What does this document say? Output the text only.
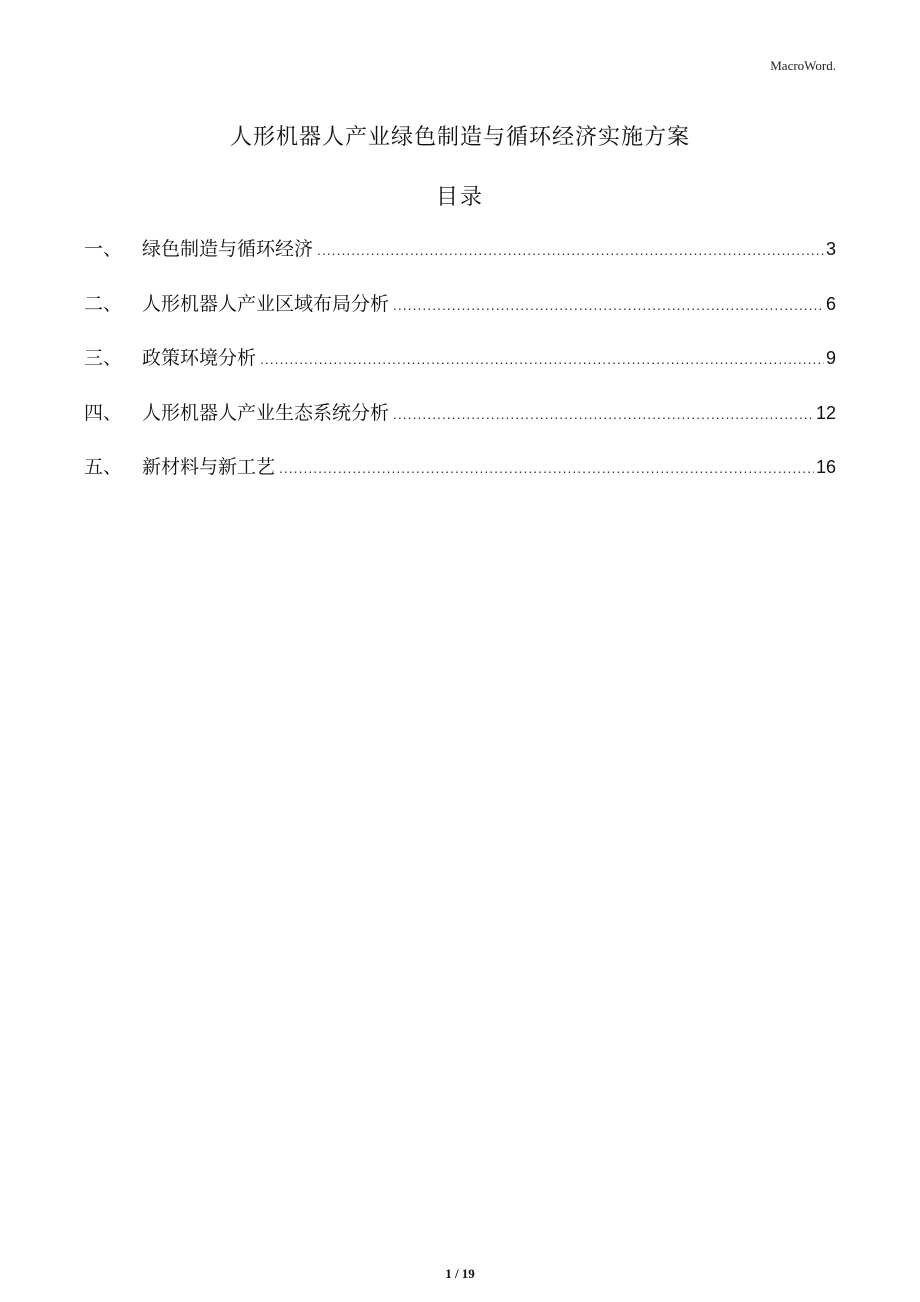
MacroWord.
人形机器人产业绿色制造与循环经济实施方案
目录
一、	绿色制造与循环经济 .....	3
二、	人形机器人产业区域布局分析 .....	6
三、	政策环境分析 .....	9
四、	人形机器人产业生态系统分析 .....	12
五、	新材料与新工艺 .....	16
1 / 19
